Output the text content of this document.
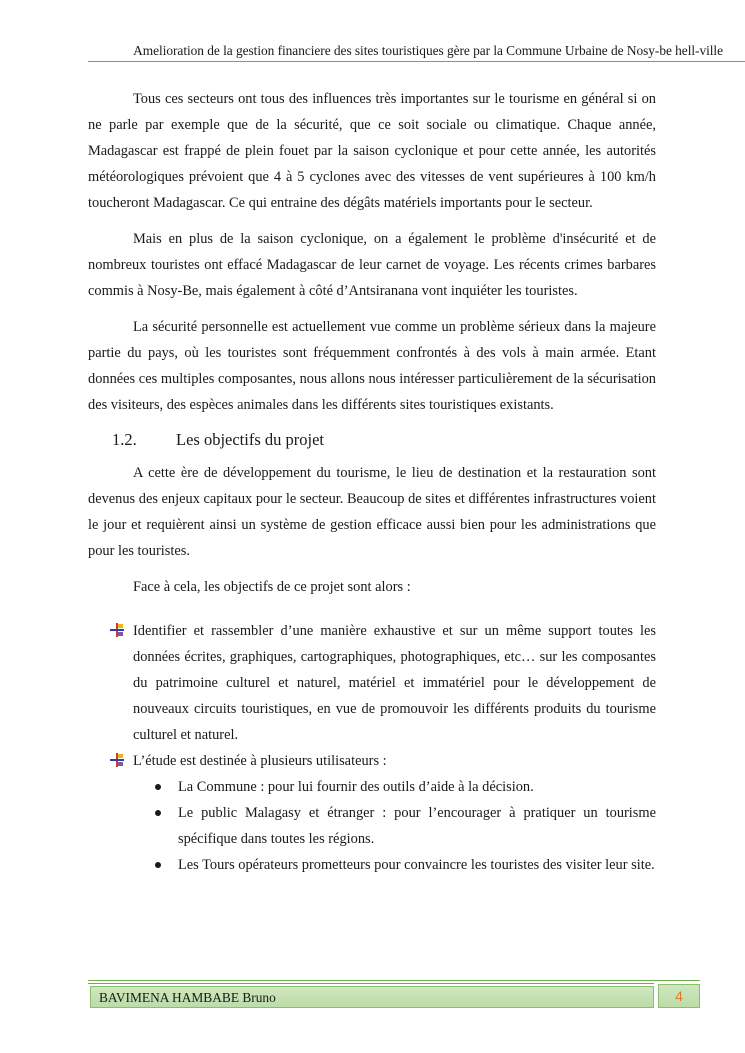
Amelioration de la gestion financiere des sites touristiques gère par la Commune Urbaine de Nosy-be hell-ville

Tous ces secteurs ont tous des influences très importantes sur le tourisme en général si on ne parle par exemple que de la sécurité, que ce soit sociale ou climatique. Chaque année, Madagascar est frappé de plein fouet par la saison cyclonique et pour cette année, les autorités météorologiques prévoient que 4 à 5 cyclones avec des vitesses de vent supérieures à 100 km/h toucheront Madagascar. Ce qui entraine des dégâts matériels importants pour le secteur.

Mais en plus de la saison cyclonique, on a également le problème d'insécurité et de nombreux touristes ont effacé Madagascar de leur carnet de voyage. Les récents crimes barbares commis à Nosy-Be, mais également à côté d’Antsiranana vont inquiéter les touristes.

La sécurité personnelle est actuellement vue comme un problème sérieux dans la majeure partie du pays, où les touristes sont fréquemment confrontés à des vols à main armée. Etant données ces multiples composantes, nous allons nous intéresser particulièrement de la sécurisation des visiteurs, des espèces animales dans les différents sites touristiques existants.

1.2. Les objectifs du projet

A cette ère de développement du tourisme, le lieu de destination et la restauration sont devenus des enjeux capitaux pour le secteur. Beaucoup de sites et différentes infrastructures voient le jour et requièrent ainsi un système de gestion efficace aussi bien pour les administrations que pour les touristes.

Face à cela, les objectifs de ce projet sont alors :

Identifier et rassembler d’une manière exhaustive et sur un même support toutes les données écrites, graphiques, cartographiques, photographiques, etc… sur les composantes du patrimoine culturel et naturel, matériel et immatériel pour le développement de nouveaux circuits touristiques, en vue de promouvoir les différents produits du tourisme culturel et naturel.
L’étude est destinée à plusieurs utilisateurs :
La Commune : pour lui fournir des outils d’aide à la décision.
Le public Malagasy et étranger : pour l’encourager à pratiquer un tourisme spécifique dans toutes les régions.
Les Tours opérateurs prometteurs pour convaincre les touristes des visiter leur site.
BAVIMENA HAMBABE Bruno	4
